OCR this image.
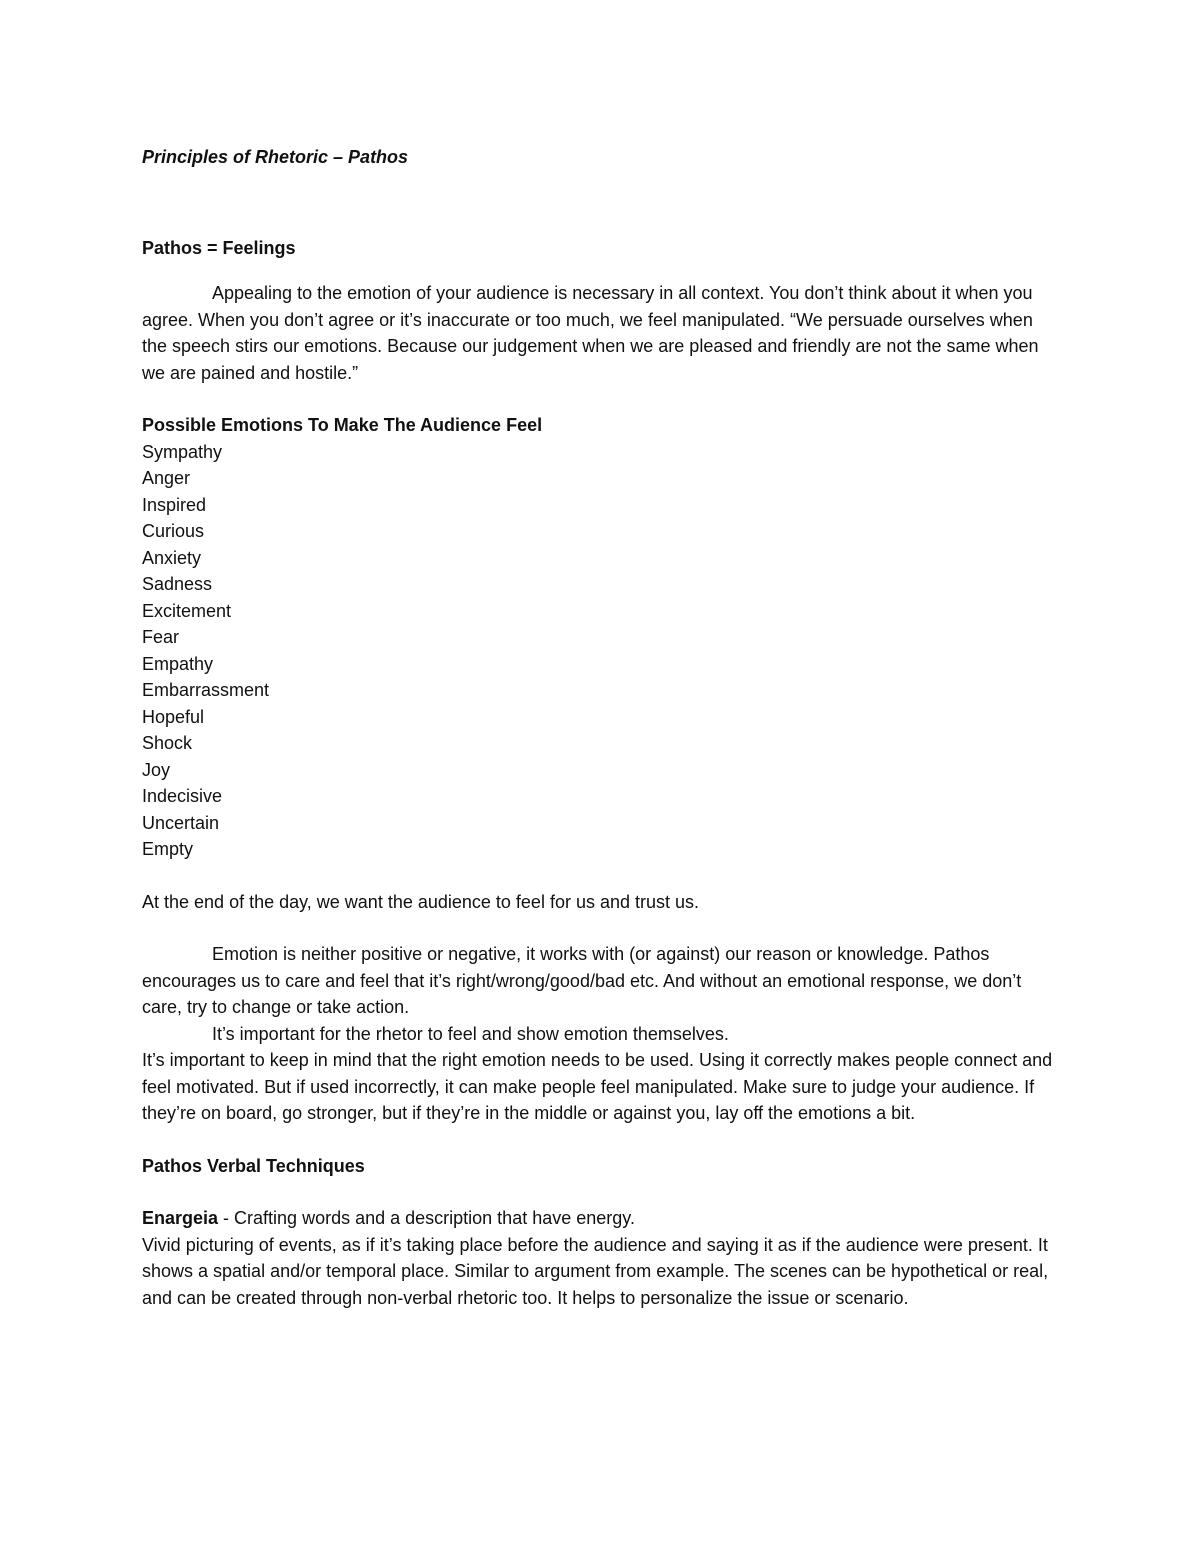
Principles of Rhetoric – Pathos

Pathos = Feelings

Appealing to the emotion of your audience is necessary in all context. You don’t think about it when you agree. When you don’t agree or it’s inaccurate or too much, we feel manipulated. “We persuade ourselves when the speech stirs our emotions. Because our judgement when we are pleased and friendly are not the same when we are pained and hostile.”

Possible Emotions To Make The Audience Feel

Sympathy
Anger
Inspired
Curious
Anxiety
Sadness
Excitement
Fear
Empathy
Embarrassment
Hopeful
Shock
Joy
Indecisive
Uncertain
Empty

At the end of the day, we want the audience to feel for us and trust us.

Emotion is neither positive or negative, it works with (or against) our reason or knowledge. Pathos encourages us to care and feel that it’s right/wrong/good/bad etc. And without an emotional response, we don’t care, try to change or take action.

It’s important for the rhetor to feel and show emotion themselves.

It’s important to keep in mind that the right emotion needs to be used. Using it correctly makes people connect and feel motivated. But if used incorrectly, it can make people feel manipulated. Make sure to judge your audience. If they’re on board, go stronger, but if they’re in the middle or against you, lay off the emotions a bit.

Pathos Verbal Techniques

Enargeia - Crafting words and a description that have energy.

Vivid picturing of events, as if it’s taking place before the audience and saying it as if the audience were present. It shows a spatial and/or temporal place. Similar to argument from example. The scenes can be hypothetical or real, and can be created through non-verbal rhetoric too. It helps to personalize the issue or scenario.
